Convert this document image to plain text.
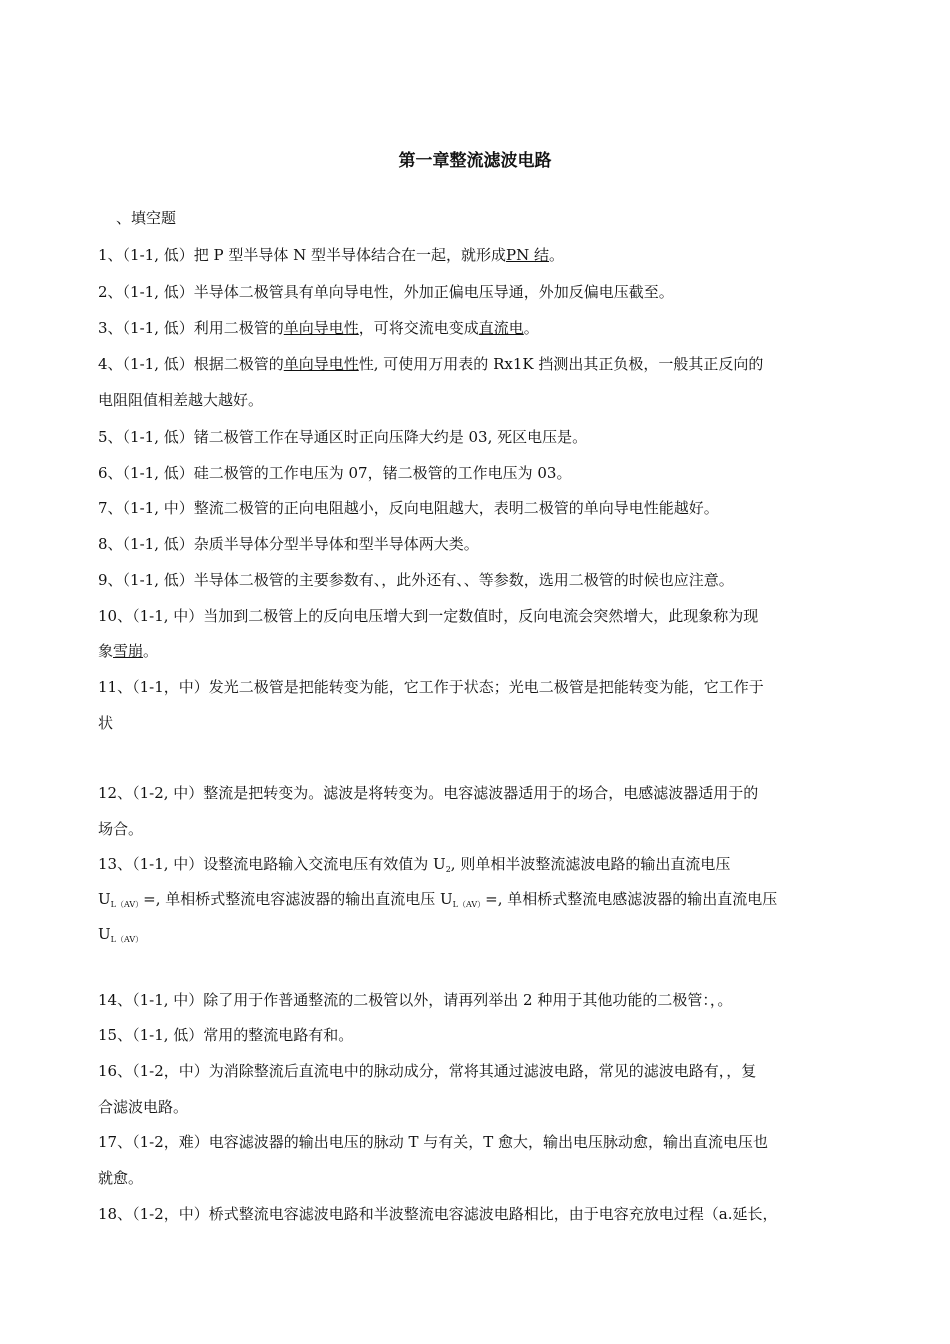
第一章整流滤波电路
、填空题
1、（1-1, 低）把 P 型半导体 N 型半导体结合在一起，就形成PN 结。
2、（1-1, 低）半导体二极管具有单向导电性，外加正偏电压导通，外加反偏电压截至。
3、（1-1, 低）利用二极管的单向导电性，可将交流电变成直流电。
4、（1-1, 低）根据二极管的单向导电性性, 可使用万用表的 Rx1K 挡测出其正负极，一般其正反向的
电阻阻值相差越大越好。
5、（1-1, 低）锗二极管工作在导通区时正向压降大约是 03, 死区电压是。
6、（1-1, 低）硅二极管的工作电压为 07，锗二极管的工作电压为 03。
7、（1-1, 中）整流二极管的正向电阻越小，反向电阻越大，表明二极管的单向导电性能越好。
8、（1-1, 低）杂质半导体分型半导体和型半导体两大类。
9、（1-1, 低）半导体二极管的主要参数有、，此外还有、、等参数，选用二极管的时候也应注意。
10、（1-1, 中）当加到二极管上的反向电压增大到一定数值时，反向电流会突然增大，此现象称为现
象雪崩。
11、（1-1，中）发光二极管是把能转变为能，它工作于状态；光电二极管是把能转变为能，它工作于
状
12、（1-2, 中）整流是把转变为。滤波是将转变为。电容滤波器适用于的场合，电感滤波器适用于的
场合。
13、（1-1, 中）设整流电路输入交流电压有效值为 $U_2$, 则单相半波整流滤波电路的输出直流电压
$U_{L(AV)}=$, 单相桥式整流电容滤波器的输出直流电压 $U_{L(AV)}=$, 单相桥式整流电感滤波器的输出直流电压
$U_{L(AV)}$
14、（1-1, 中）除了用于作普通整流的二极管以外，请再列举出 2 种用于其他功能的二极管：，。
15、（1-1, 低）常用的整流电路有和。
16、（1-2，中）为消除整流后直流电中的脉动成分，常将其通过滤波电路，常见的滤波电路有，，复
合滤波电路。
17、（1-2，难）电容滤波器的输出电压的脉动 T 与有关，T 愈大，输出电压脉动愈，输出直流电压也
就愈。
18、（1-2，中）桥式整流电容滤波电路和半波整流电容滤波电路相比，由于电容充放电过程（a.延长，
